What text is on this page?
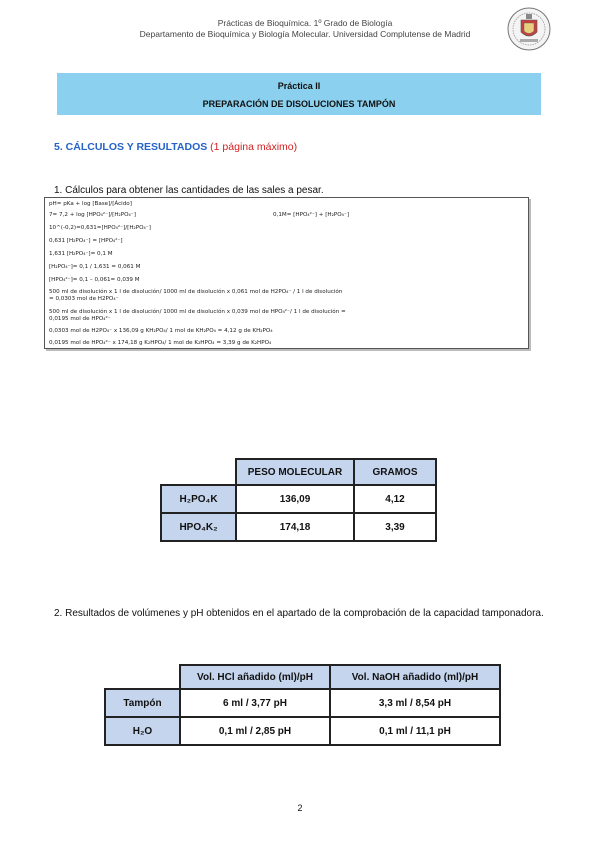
Prácticas de Bioquímica. 1º Grado de Biología
Departamento de Bioquímica y Biología Molecular. Universidad Complutense de Madrid
Práctica II
PREPARACIÓN DE DISOLUCIONES TAMPÓN
5. CÁLCULOS Y RESULTADOS (1 página máximo)
1. Cálculos para obtener las cantidades de las sales a pesar.
pH= pKa + log [Base]/[Ácido]
0,1M= [HPO₄²⁻] + [H₂PO₄⁻]
7= 7,2 + log [HPO₄²⁻]/[H₂PO₄⁻]
10^(-0,2)=0,631=[HPO₄²⁻]/[H₂PO₄⁻]
0,631 [H₂PO₄⁻] = [HPO₄²⁻]
1,631 [H₂PO₄⁻]= 0,1 M
[H₂PO₄⁻]= 0,1 / 1,631 = 0,061 M
[HPO₄²⁻]= 0,1 – 0,061= 0,039 M
500 ml de disolución x 1 l de disolución/ 1000 ml de disolución x 0,061 mol de H2PO₄⁻ / 1 l de disolución
= 0,0303 mol de H2PO₄⁻
500 ml de disolución x 1 l de disolución/ 1000 ml de disolución x 0,039 mol de HPO₄²⁻/ 1 l de disolución =
0,0195 mol de HPO₄²⁻
0,0303 mol de H2PO₄⁻ x 136,09 g KH₂PO₄/ 1 mol de KH₂PO₄ = 4,12 g de KH₂PO₄
0,0195 mol de HPO₄²⁻ x 174,18 g K₂HPO₄/ 1 mol de K₂HPO₄ = 3,39 g de K₂HPO₄
	PESO MOLECULAR	GRAMOS
H₂PO₄K	136,09	4,12
HPO₄K₂	174,18	3,39
2. Resultados de volúmenes y pH obtenidos en el apartado de la comprobación de la capacidad tamponadora.
	Vol. HCl añadido (ml)/pH	Vol. NaOH añadido (ml)/pH
Tampón	6 ml / 3,77 pH	3,3 ml / 8,54 pH
H₂O	0,1 ml / 2,85 pH	0,1 ml / 11,1 pH
2
